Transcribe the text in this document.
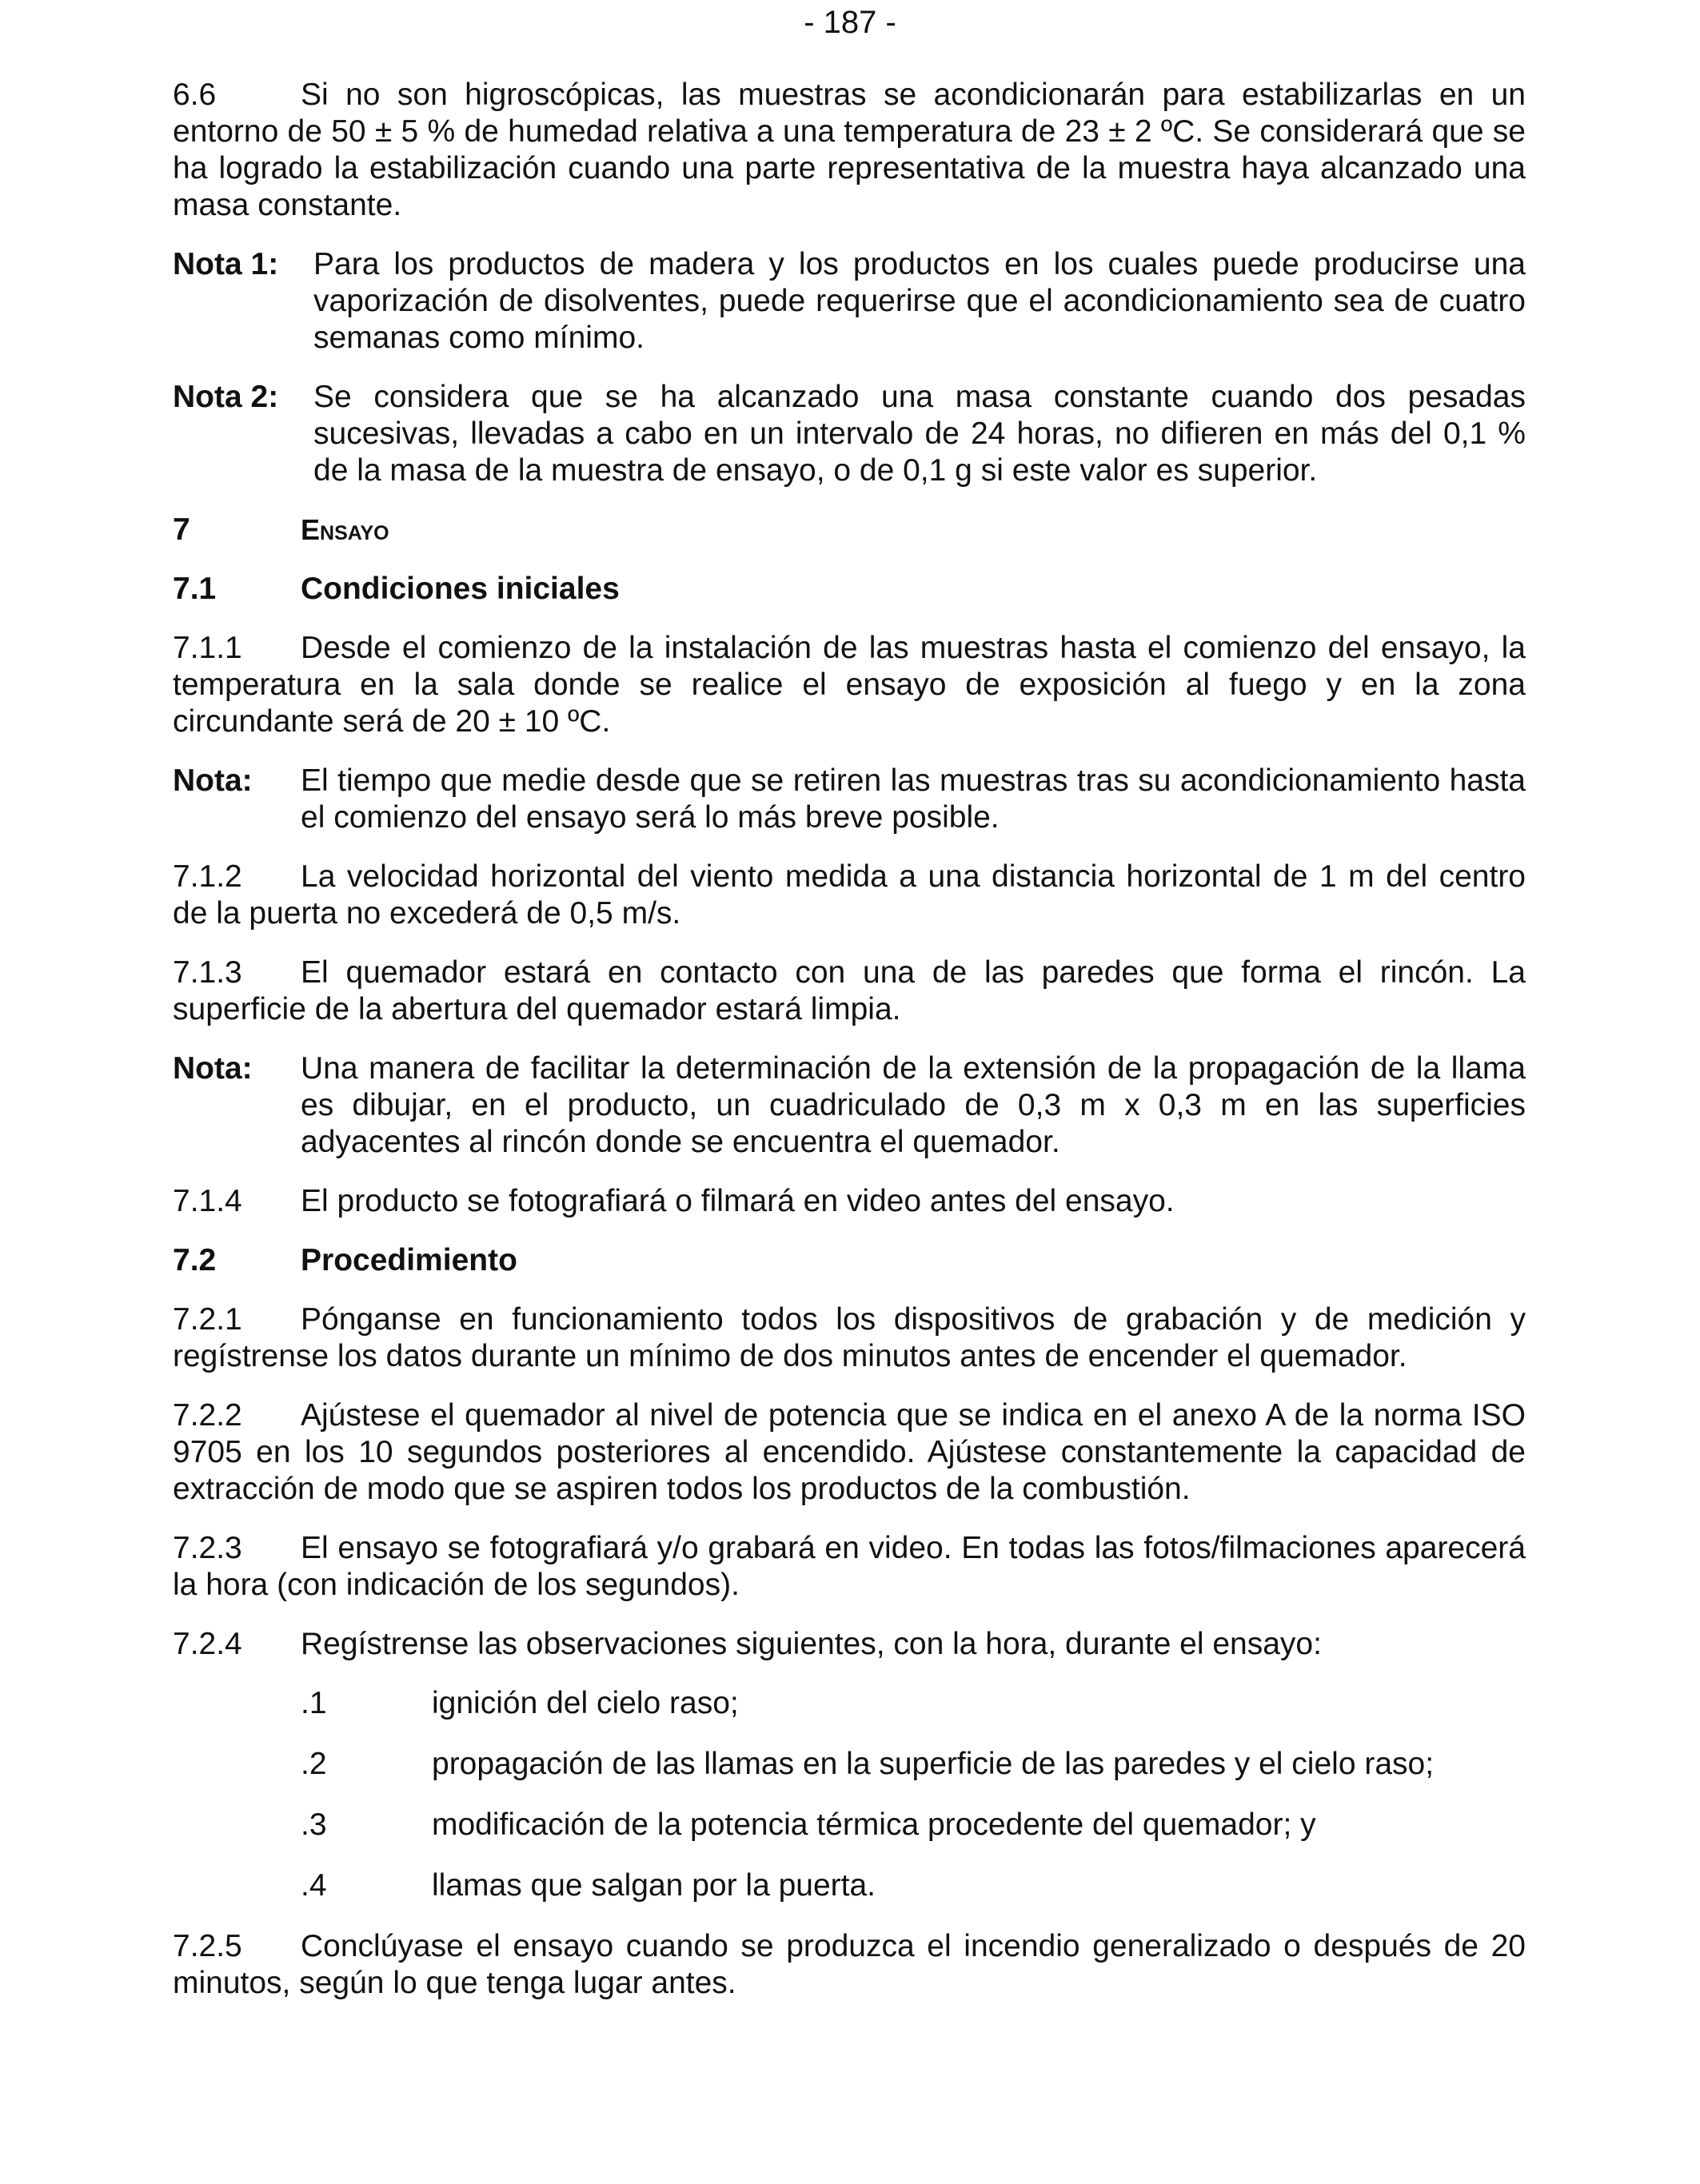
- 187 -

6.6	Si no son higroscópicas, las muestras se acondicionarán para estabilizarlas en un entorno de 50 ± 5 % de humedad relativa a una temperatura de 23 ± 2 ºC. Se considerará que se ha logrado la estabilización cuando una parte representativa de la muestra haya alcanzado una masa constante.

Nota 1:	Para los productos de madera y los productos en los cuales puede producirse una vaporización de disolventes, puede requerirse que el acondicionamiento sea de cuatro semanas como mínimo.
Nota 2:	Se considera que se ha alcanzado una masa constante cuando dos pesadas sucesivas, llevadas a cabo en un intervalo de 24 horas, no difieren en más del 0,1 % de la masa de la muestra de ensayo, o de 0,1 g si este valor es superior.
7	Ensayo
7.1	Condiciones iniciales

7.1.1 Desde el comienzo de la instalación de las muestras hasta el comienzo del ensayo, la temperatura en la sala donde se realice el ensayo de exposición al fuego y en la zona circundante será de 20 ± 10 ºC.

Nota:	El tiempo que medie desde que se retiren las muestras tras su acondicionamiento hasta el comienzo del ensayo será lo más breve posible.

7.1.2 La velocidad horizontal del viento medida a una distancia horizontal de 1 m del centro de la puerta no excederá de 0,5 m/s.

7.1.3 El quemador estará en contacto con una de las paredes que forma el rincón. La superficie de la abertura del quemador estará limpia.

Nota:	Una manera de facilitar la determinación de la extensión de la propagación de la llama es dibujar, en el producto, un cuadriculado de 0,3 m x 0,3 m en las superficies adyacentes al rincón donde se encuentra el quemador.

7.1.4 El producto se fotografiará o filmará en video antes del ensayo.

7.2	Procedimiento

7.2.1 Pónganse en funcionamiento todos los dispositivos de grabación y de medición y regístrense los datos durante un mínimo de dos minutos antes de encender el quemador.

7.2.2 Ajústese el quemador al nivel de potencia que se indica en el anexo A de la norma ISO 9705 en los 10 segundos posteriores al encendido. Ajústese constantemente la capacidad de extracción de modo que se aspiren todos los productos de la combustión.

7.2.3 El ensayo se fotografiará y/o grabará en video. En todas las fotos/filmaciones aparecerá la hora (con indicación de los segundos).

7.2.4 Regístrense las observaciones siguientes, con la hora, durante el ensayo:

.1	ignición del cielo raso;
.2	propagación de las llamas en la superficie de las paredes y el cielo raso;
.3	modificación de la potencia térmica procedente del quemador; y
.4	llamas que salgan por la puerta.

7.2.5 Conclúyase el ensayo cuando se produzca el incendio generalizado o después de 20 minutos, según lo que tenga lugar antes.
